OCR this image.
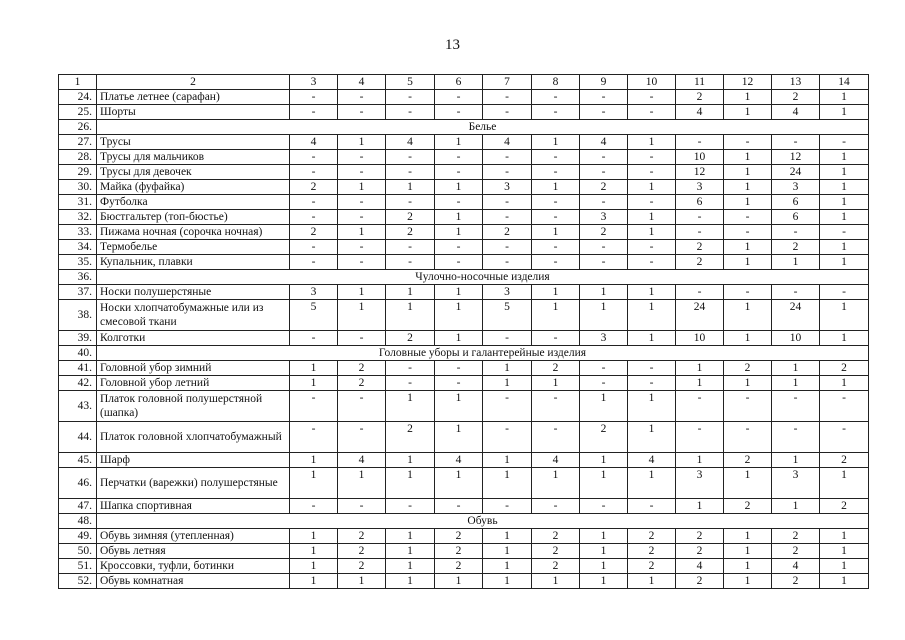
13
1	2	3	4	5	6	7	8	9	10	11	12	13	14
24.	Платье летнее (сарафан)	-	-	-	-	-	-	-	-	2	1	2	1
25.	Шорты	-	-	-	-	-	-	-	-	4	1	4	1
26.	Белье												
27.	Трусы	4	1	4	1	4	1	4	1	-	-	-	-
28.	Трусы для мальчиков	-	-	-	-	-	-	-	-	10	1	12	1
29.	Трусы для девочек	-	-	-	-	-	-	-	-	12	1	24	1
30.	Майка (фуфайка)	2	1	1	1	3	1	2	1	3	1	3	1
31.	Футболка	-	-	-	-	-	-	-	-	6	1	6	1
32.	Бюстгальтер (топ-бюстье)	-	-	2	1	-	-	3	1	-	-	6	1
33.	Пижама ночная (сорочка ночная)	2	1	2	1	2	1	2	1	-	-	-	-
34.	Термобелье	-	-	-	-	-	-	-	-	2	1	2	1
35.	Купальник, плавки	-	-	-	-	-	-	-	-	2	1	1	1
36.	Чулочно-носочные изделия												
37.	Носки полушерстяные	3	1	1	1	3	1	1	1	-	-	-	-
38.	Носки хлопчатобумажные или из смесовой ткани	5	1	1	1	5	1	1	1	24	1	24	1
39.	Колготки	-	-	2	1	-	-	3	1	10	1	10	1
40.	Головные уборы и галантерейные изделия												
41.	Головной убор зимний	1	2	-	-	1	2	-	-	1	2	1	2
42.	Головной убор летний	1	2	-	-	1	1	-	-	1	1	1	1
43.	Платок головной полушерстяной (шапка)	-	-	1	1	-	-	1	1	-	-	-	-
44.	Платок головной хлопчатобумажный	-	-	2	1	-	-	2	1	-	-	-	-
45.	Шарф	1	4	1	4	1	4	1	4	1	2	1	2
46.	Перчатки (варежки) полушерстяные	1	1	1	1	1	1	1	1	3	1	3	1
47.	Шапка спортивная	-	-	-	-	-	-	-	-	1	2	1	2
48.	Обувь												
49.	Обувь зимняя (утепленная)	1	2	1	2	1	2	1	2	2	1	2	1
50.	Обувь летняя	1	2	1	2	1	2	1	2	2	1	2	1
51.	Кроссовки, туфли, ботинки	1	2	1	2	1	2	1	2	4	1	4	1
52.	Обувь комнатная	1	1	1	1	1	1	1	1	2	1	2	1
